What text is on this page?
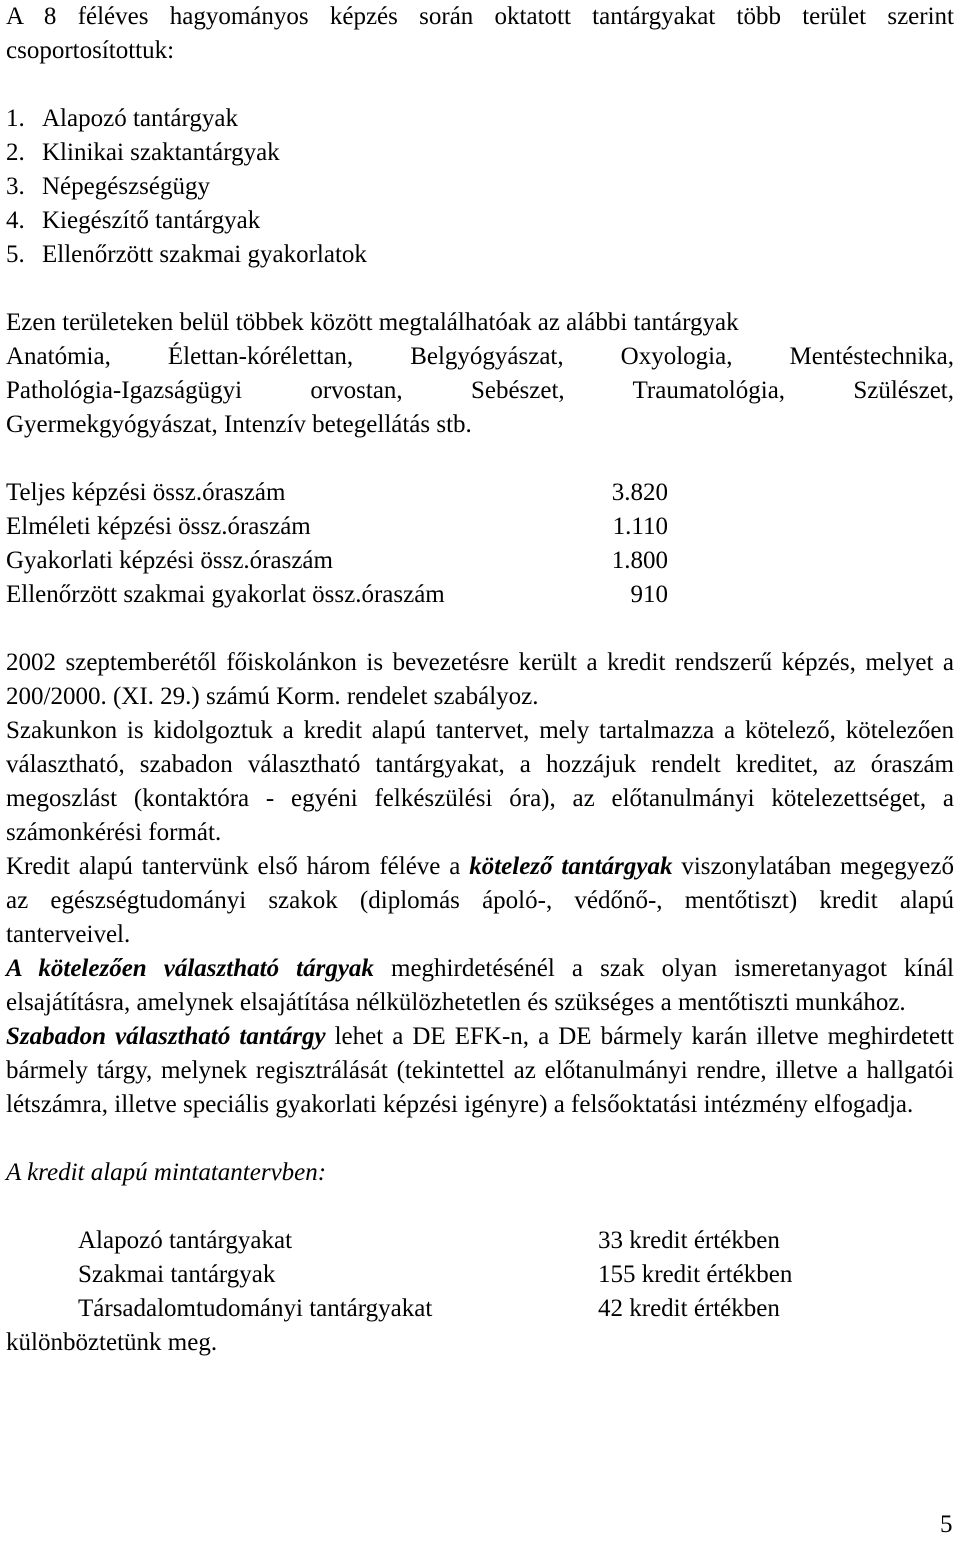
A 8 féléves hagyományos képzés során oktatott tantárgyakat több terület szerint csoportosítottuk:

1. Alapozó tantárgyak
2. Klinikai szaktantárgyak
3. Népegészségügy
4. Kiegészítő tantárgyak
5. Ellenőrzött szakmai gyakorlatok

Ezen területeken belül többek között megtalálhatóak az alábbi tantárgyak

Anatómia, Élettan-kórélettan, Belgyógyászat, Oxyologia, Mentéstechnika,

Pathológia-Igazságügyi orvostan, Sebészet, Traumatológia, Szülészet,

Gyermekgyógyászat, Intenzív betegellátás stb.

Teljes képzési össz.óraszám	3.820
Elméleti képzési össz.óraszám	1.110
Gyakorlati képzési össz.óraszám	1.800
Ellenőrzött szakmai gyakorlat össz.óraszám	910

2002 szeptemberétől főiskolánkon is bevezetésre került a kredit rendszerű képzés, melyet a 200/2000. (XI. 29.) számú Korm. rendelet szabályoz.

Szakunkon is kidolgoztuk a kredit alapú tantervet, mely tartalmazza a kötelező, kötelezően választható, szabadon választható tantárgyakat, a hozzájuk rendelt kreditet, az óraszám megoszlást (kontaktóra - egyéni felkészülési óra), az előtanulmányi kötelezettséget, a számonkérési formát.

Kredit alapú tantervünk első három féléve a kötelező tantárgyak viszonylatában megegyező az egészségtudományi szakok (diplomás ápoló-, védőnő-, mentőtiszt) kredit alapú tanterveivel.

A kötelezően választható tárgyak meghirdetésénél a szak olyan ismeretanyagot kínál elsajátításra, amelynek elsajátítása nélkülözhetetlen és szükséges a mentőtiszti munkához.

Szabadon választható tantárgy lehet a DE EFK-n, a DE bármely karán illetve meghirdetett bármely tárgy, melynek regisztrálását (tekintettel az előtanulmányi rendre, illetve a hallgatói létszámra, illetve speciális gyakorlati képzési igényre) a felsőoktatási intézmény elfogadja.

A kredit alapú mintatantervben:

Alapozó tantárgyakat	33 kredit értékben
Szakmai tantárgyak	155 kredit értékben
Társadalomtudományi tantárgyakat	42 kredit értékben

különböztetünk meg.

5
